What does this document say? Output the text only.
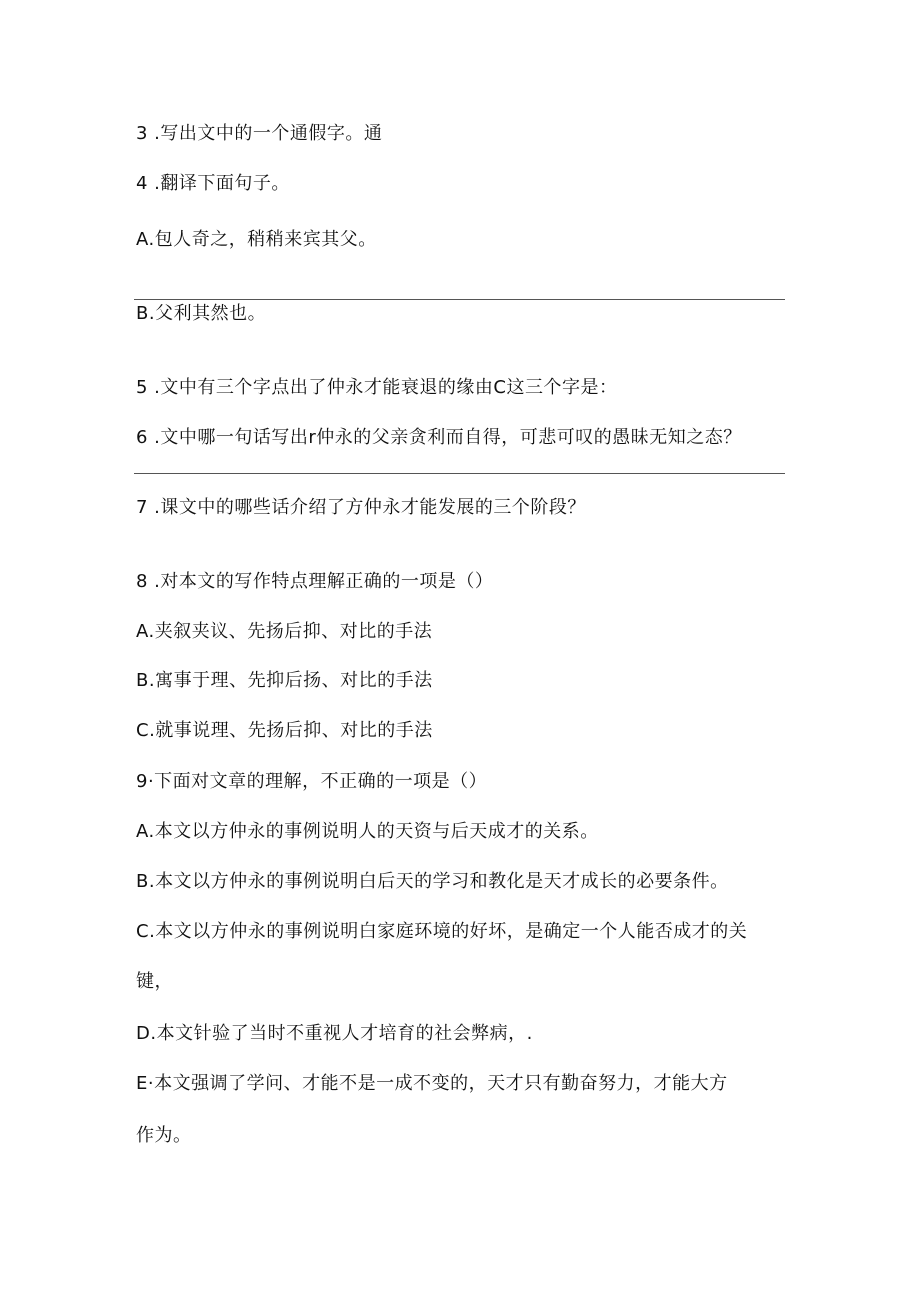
3 .写出文中的一个通假字。通
4 .翻译下面句子。
A.包人奇之，稍稍来宾其父。
B.父利其然也。
5 .文中有三个字点出了仲永才能衰退的缘由C这三个字是：
6 .文中哪一句话写出r仲永的父亲贪利而自得，可悲可叹的愚昧无知之态？
7 .课文中的哪些话介绍了方仲永才能发展的三个阶段？
8 .对本文的写作特点理解正确的一项是（）
A.夹叙夹议、先扬后抑、对比的手法
B.寓事于理、先抑后扬、对比的手法
C.就事说理、先扬后抑、对比的手法
9·下面对文章的理解，不正确的一项是（）
A.本文以方仲永的事例说明人的天资与后天成才的关系。
B.本文以方仲永的事例说明白后天的学习和教化是天才成长的必要条件。
C.本文以方仲永的事例说明白家庭环境的好坏，是确定一个人能否成才的关
键，
D.本文针验了当时不重视人才培育的社会弊病，.
E·本文强调了学问、才能不是一成不变的，天才只有勤奋努力，才能大方
作为。
